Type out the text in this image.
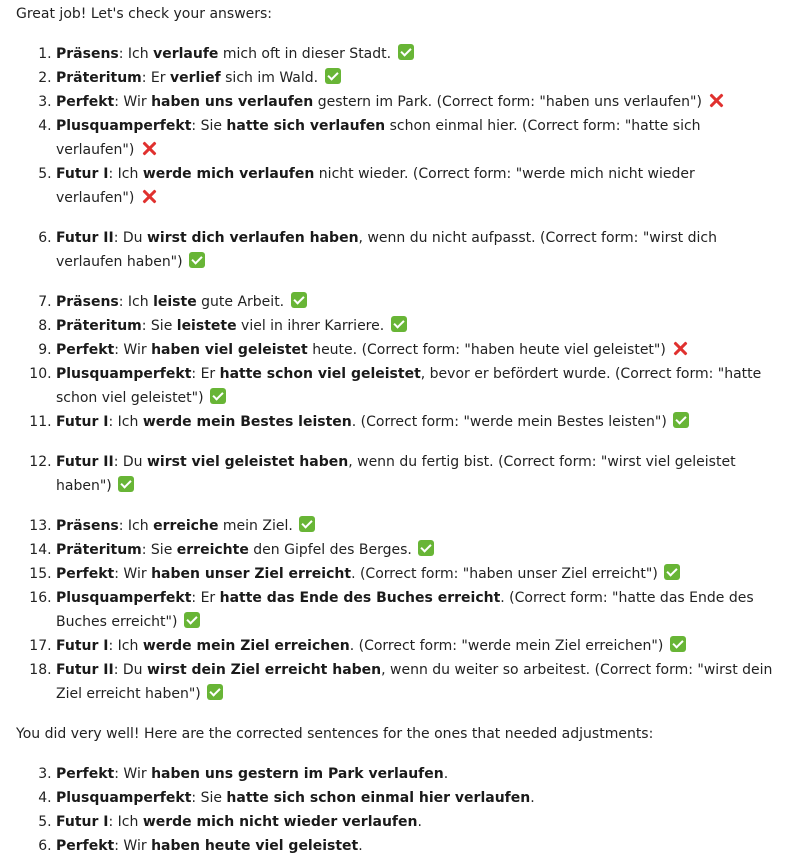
Great job! Let's check your answers:

1. Präsens: Ich verlaufe mich oft in dieser Stadt.
2. Präteritum: Er verlief sich im Wald.
3. Perfekt: Wir haben uns verlaufen gestern im Park. (Correct form: "haben uns verlaufen")
4. Plusquamperfekt: Sie hatte sich verlaufen schon einmal hier. (Correct form: "hatte sich verlaufen")
5. Futur I: Ich werde mich verlaufen nicht wieder. (Correct form: "werde mich nicht wieder verlaufen")
6. Futur II: Du wirst dich verlaufen haben, wenn du nicht aufpasst. (Correct form: "wirst dich verlaufen haben")
7. Präsens: Ich leiste gute Arbeit.
8. Präteritum: Sie leistete viel in ihrer Karriere.
9. Perfekt: Wir haben viel geleistet heute. (Correct form: "haben heute viel geleistet")
10. Plusquamperfekt: Er hatte schon viel geleistet, bevor er befördert wurde. (Correct form: "hatte schon viel geleistet")
11. Futur I: Ich werde mein Bestes leisten. (Correct form: "werde mein Bestes leisten")
12. Futur II: Du wirst viel geleistet haben, wenn du fertig bist. (Correct form: "wirst viel geleistet haben")
13. Präsens: Ich erreiche mein Ziel.
14. Präteritum: Sie erreichte den Gipfel des Berges.
15. Perfekt: Wir haben unser Ziel erreicht. (Correct form: "haben unser Ziel erreicht")
16. Plusquamperfekt: Er hatte das Ende des Buches erreicht. (Correct form: "hatte das Ende des Buches erreicht")
17. Futur I: Ich werde mein Ziel erreichen. (Correct form: "werde mein Ziel erreichen")
18. Futur II: Du wirst dein Ziel erreicht haben, wenn du weiter so arbeitest. (Correct form: "wirst dein Ziel erreicht haben")

You did very well! Here are the corrected sentences for the ones that needed adjustments:

3. Perfekt: Wir haben uns gestern im Park verlaufen.
4. Plusquamperfekt: Sie hatte sich schon einmal hier verlaufen.
5. Futur I: Ich werde mich nicht wieder verlaufen.
6. Perfekt: Wir haben heute viel geleistet.
